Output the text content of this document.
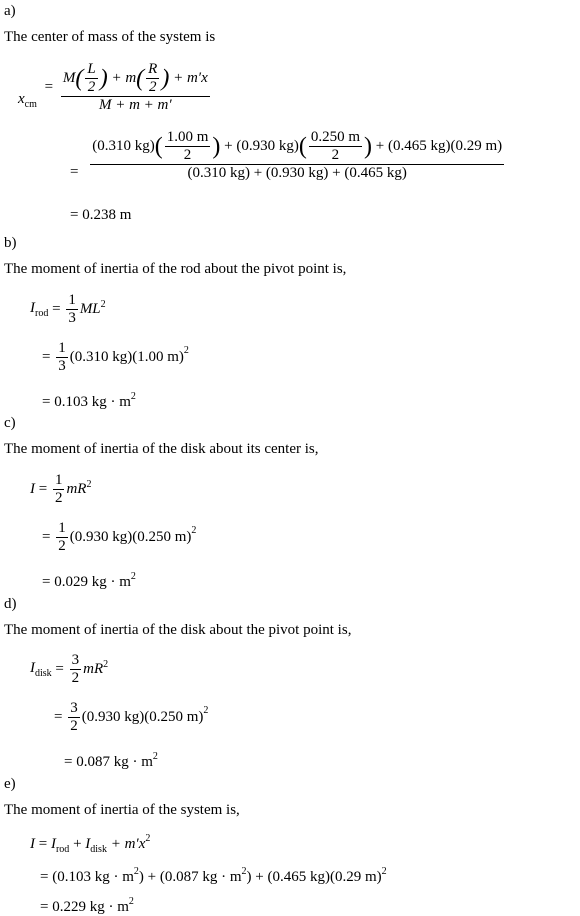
a)
The center of mass of the system is
$x_{cm} = \frac{M( \frac{L}{2} ) + m( \frac{R}{2} ) + m'x}{M + m + m'}$
=
(0.310 $kg)( \frac{1.00 m}{2}$ ) + (0.930 $kg)( \frac{0.250 m}{2}$ ) + (0.465 kg)(0.29 m)
(0.310 kg) + (0.930 kg) + (0.465 kg)
= 0.238 m
b)
The moment of inertia of the rod about the pivot point is,
$I_{rod} = \frac{1}{3} ML2$
= $\frac{1}{3} (0.310$ kg)(1.00 m)2
= 0.103 kg · $m^2$
c)
The moment of inertia of the disk about its center is,
$I = \frac{1}{2} mR2$
= $\frac{1}{2} (0.930$ kg)(0.250 m)2
= 0.029 kg · $m^2$
d)
The moment of inertia of the disk about the pivot point is,
$I_{disk} = \frac{3}{2} mR2$
= $\frac{3}{2} (0.930$ kg)(0.250 m)2
= 0.087 kg · $m^2$
e)
The moment of inertia of the system is,
$I = I_{rod} + I_{disk} + m'x^2$
= (0.103 kg · $m^2) + (0.087$ kg · $m^2) + (0.465$ kg)(0.29 m)$^2$
= 0.229 kg · $m^2$
